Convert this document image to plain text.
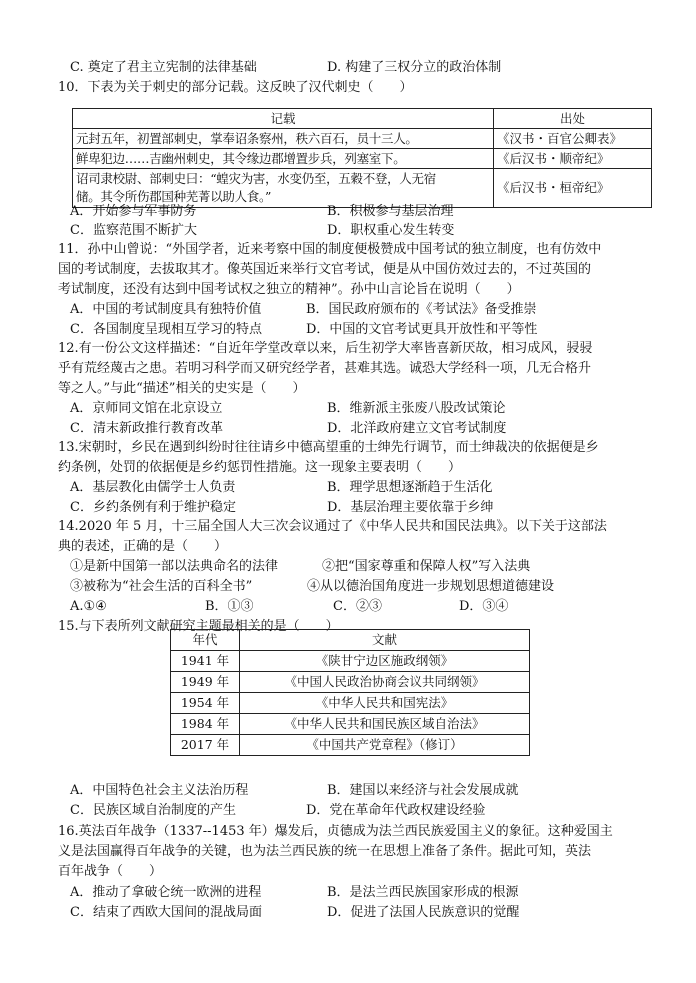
C. 奠定了君主立宪制的法律基础	D. 构建了三权分立的政治体制
10．下表为关于刺史的部分记载。这反映了汉代刺史（　　）
记载	出处
元封五年，初置部刺史，掌奉诏条察州，秩六百石，员十三人。	《汉书・百官公卿表》
鲜卑犯边……吉幽州刺史，其令缘边郡增置步兵，列塞室下。	《后汉书・顺帝纪》

诏司隶校尉、部刺史曰：“蝗灾为害，水变仍至，五穀不登，人无宿
储。其令所伤郡国种芜菁以助人食。”	《后汉书・桓帝纪》
A．开始参与军事防务	B．积极参与基层治理
C．监察范围不断扩大	D．职权重心发生转变
11．孙中山曾说：“外国学者，近来考察中国的制度便极赞成中国考试的独立制度，也有仿效中
国的考试制度，去拔取其才。像英国近来举行文官考试，便是从中国仿效过去的，不过英国的
考试制度，还没有达到中国考试权之独立的精神”。孙中山言论旨在说明（　　）
A．中国的考试制度具有独特价值	B．国民政府颁布的《考试法》备受推崇
C．各国制度呈现相互学习的特点	D．中国的文官考试更具开放性和平等性
12.有一份公文这样描述：“自近年学堂改章以来，后生初学大率皆喜新厌故，相习成风，骎骎
乎有荒经蔑古之患。若明习科学而又研究经学者，甚难其选。诚恐大学经科一项，几无合格升
等之人。”与此“描述”相关的史实是（　　）
A．京师同文馆在北京设立	B．维新派主张废八股改试策论
C．清末新政推行教育改革	D．北洋政府建立文官考试制度
13.宋朝时，乡民在遇到纠纷时往往请乡中德高望重的士绅先行调节，而士绅裁决的依据便是乡
约条例，处罚的依据便是乡约惩罚性措施。这一现象主要表明（　　）
A．基层教化由儒学士人负责	B．理学思想逐渐趋于生活化
C．乡约条例有利于维护稳定	D．基层治理主要依靠于乡绅
14.2020 年 5 月，十三届全国人大三次会议通过了《中华人民共和国民法典》。以下关于这部法
典的表述，正确的是（　　）
①是新中国第一部以法典命名的法律	②把“国家尊重和保障人权”写入法典
③被称为“社会生活的百科全书”	④从以德治国角度进一步规划思想道德建设
A.①④	B．①③	C．②③	D．③④
15.与下表所列文献研究主题最相关的是（　　）
年代	文献
1941 年	《陕甘宁边区施政纲领》
1949 年	《中国人民政治协商会议共同纲领》
1954 年	《中华人民共和国宪法》
1984 年	《中华人民共和国民族区域自治法》
2017 年	《中国共产党章程》（修订）
A．中国特色社会主义法治历程	B．建国以来经济与社会发展成就
C．民族区域自治制度的产生	D．党在革命年代政权建设经验
16.英法百年战争（1337--1453 年）爆发后，贞德成为法兰西民族爱国主义的象征。这种爱国主
义是法国赢得百年战争的关键，也为法兰西民族的统一在思想上准备了条件。据此可知，英法
百年战争（　　）
A．推动了拿破仑统一欧洲的进程	B．是法兰西民族国家形成的根源
C．结束了西欧大国间的混战局面	D．促进了法国人民族意识的觉醒
